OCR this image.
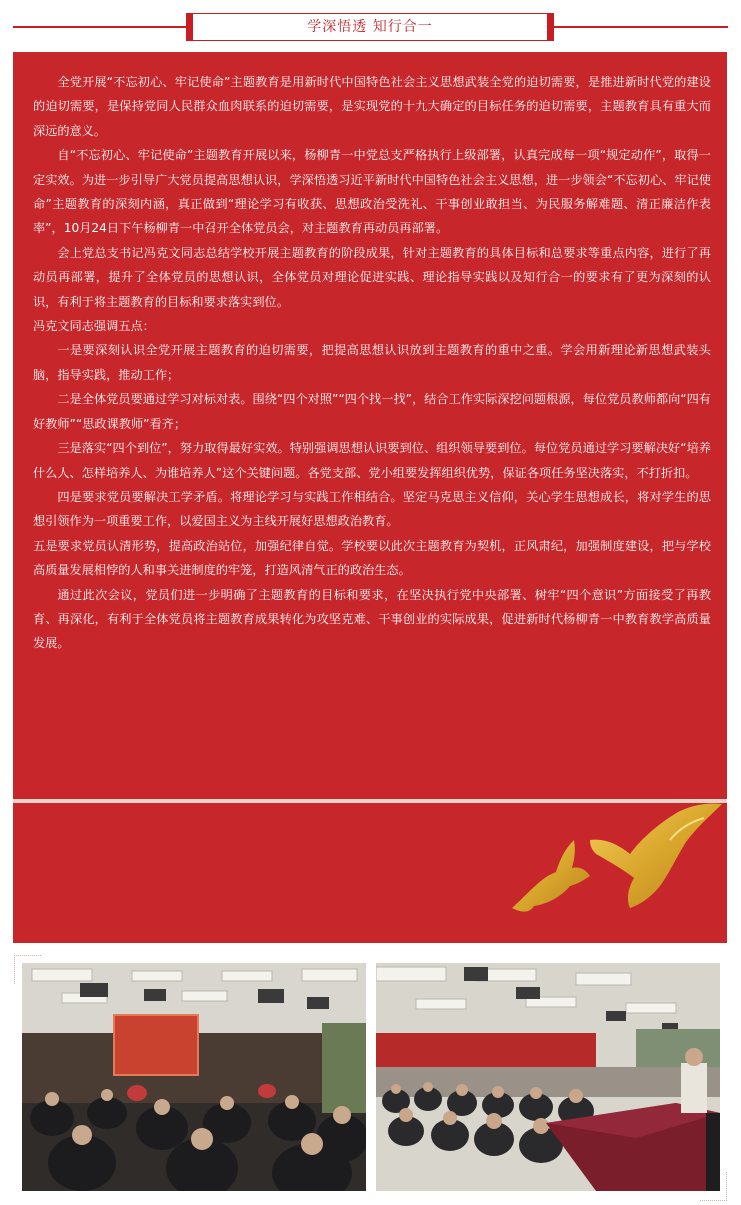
学深悟透 知行合一

全党开展“不忘初心、牢记使命”主题教育是用新时代中国特色社会主义思想武装全党的迫切需要，是推进新时代党的建设的迫切需要，是保持党同人民群众血肉联系的迫切需要，是实现党的十九大确定的目标任务的迫切需要，主题教育具有重大而深远的意义。

自“不忘初心、牢记使命”主题教育开展以来，杨柳青一中党总支严格执行上级部署，认真完成每一项“规定动作”，取得一定实效。为进一步引导广大党员提高思想认识，学深悟透习近平新时代中国特色社会主义思想，进一步领会“不忘初心、牢记使命”主题教育的深刻内涵，真正做到“理论学习有收获、思想政治受洗礼、干事创业敢担当、为民服务解难题、清正廉洁作表率”，10月24日下午杨柳青一中召开全体党员会，对主题教育再动员再部署。

会上党总支书记冯克文同志总结学校开展主题教育的阶段成果，针对主题教育的具体目标和总要求等重点内容，进行了再动员再部署，提升了全体党员的思想认识，全体党员对理论促进实践、理论指导实践以及知行合一的要求有了更为深刻的认识，有利于将主题教育的目标和要求落实到位。

冯克文同志强调五点：

一是要深刻认识全党开展主题教育的迫切需要，把提高思想认识放到主题教育的重中之重。学会用新理论新思想武装头脑，指导实践，推动工作；

二是全体党员要通过学习对标对表。围绕“四个对照”“四个找一找”，结合工作实际深挖问题根源，每位党员教师都向“四有好教师”“思政课教师”看齐；

三是落实“四个到位”，努力取得最好实效。特别强调思想认识要到位、组织领导要到位。每位党员通过学习要解决好“培养什么人、怎样培养人、为谁培养人”这个关键问题。各党支部、党小组要发挥组织优势，保证各项任务坚决落实，不打折扣。

四是要求党员要解决工学矛盾。将理论学习与实践工作相结合。坚定马克思主义信仰，关心学生思想成长，将对学生的思想引领作为一项重要工作，以爱国主义为主线开展好思想政治教育。

五是要求党员认清形势，提高政治站位，加强纪律自觉。学校要以此次主题教育为契机，正风肃纪，加强制度建设，把与学校高质量发展相悖的人和事关进制度的牢笼，打造风清气正的政治生态。

通过此次会议，党员们进一步明确了主题教育的目标和要求，在坚决执行党中央部署、树牢“四个意识”方面接受了再教育、再深化，有利于全体党员将主题教育成果转化为攻坚克难、干事创业的实际成果，促进新时代杨柳青一中教育教学高质量发展。
